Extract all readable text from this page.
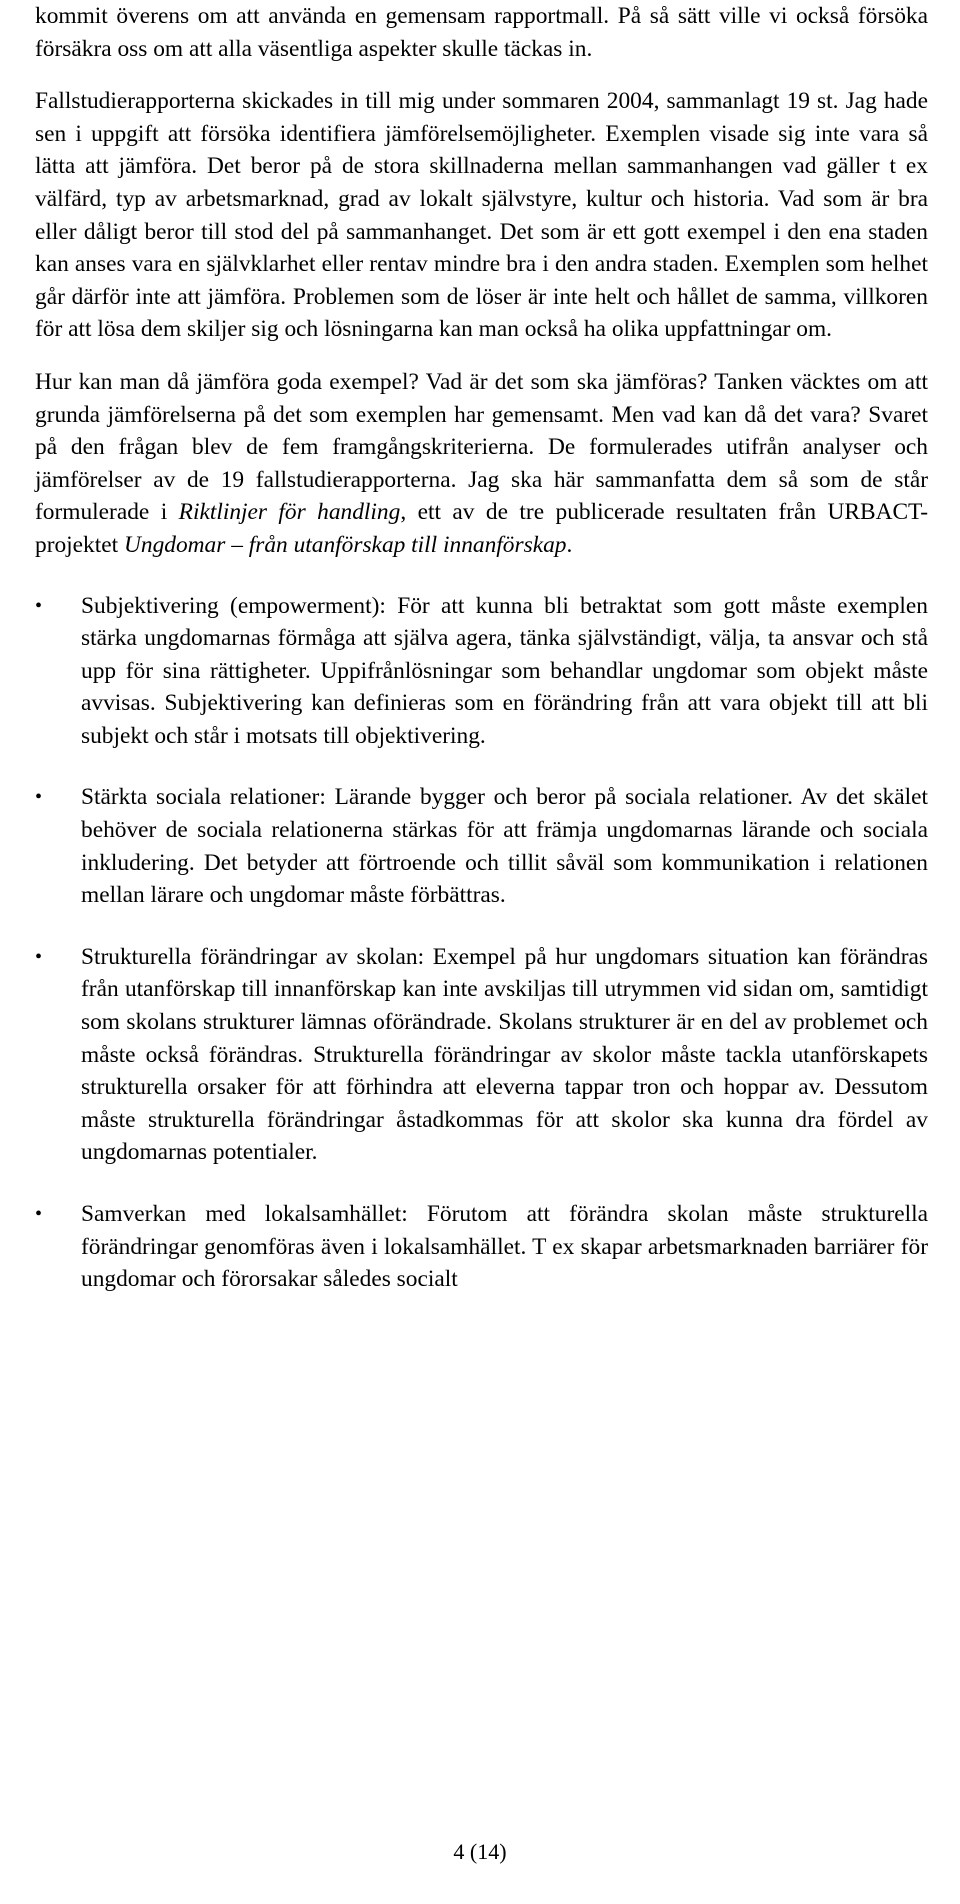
kommit överens om att använda en gemensam rapportmall. På så sätt ville vi också försöka försäkra oss om att alla väsentliga aspekter skulle täckas in.

Fallstudierapporterna skickades in till mig under sommaren 2004, sammanlagt 19 st. Jag hade sen i uppgift att försöka identifiera jämförelsemöjligheter. Exemplen visade sig inte vara så lätta att jämföra. Det beror på de stora skillnaderna mellan sammanhangen vad gäller t ex välfärd, typ av arbetsmarknad, grad av lokalt självstyre, kultur och historia. Vad som är bra eller dåligt beror till stod del på sammanhanget. Det som är ett gott exempel i den ena staden kan anses vara en självklarhet eller rentav mindre bra i den andra staden. Exemplen som helhet går därför inte att jämföra. Problemen som de löser är inte helt och hållet de samma, villkoren för att lösa dem skiljer sig och lösningarna kan man också ha olika uppfattningar om.

Hur kan man då jämföra goda exempel? Vad är det som ska jämföras? Tanken väcktes om att grunda jämförelserna på det som exemplen har gemensamt. Men vad kan då det vara? Svaret på den frågan blev de fem framgångskriterierna. De formulerades utifrån analyser och jämförelser av de 19 fallstudierapporterna. Jag ska här sammanfatta dem så som de står formulerade i Riktlinjer för handling, ett av de tre publicerade resultaten från URBACT-projektet Ungdomar – från utanförskap till innanförskap.

•	Subjektivering (empowerment): För att kunna bli betraktat som gott måste exemplen stärka ungdomarnas förmåga att själva agera, tänka självständigt, välja, ta ansvar och stå upp för sina rättigheter. Uppifrånlösningar som behandlar ungdomar som objekt måste avvisas. Subjektivering kan definieras som en förändring från att vara objekt till att bli subjekt och står i motsats till objektivering.
•	Stärkta sociala relationer: Lärande bygger och beror på sociala relationer. Av det skälet behöver de sociala relationerna stärkas för att främja ungdomarnas lärande och sociala inkludering. Det betyder att förtroende och tillit såväl som kommunikation i relationen mellan lärare och ungdomar måste förbättras.
•	Strukturella förändringar av skolan: Exempel på hur ungdomars situation kan förändras från utanförskap till innanförskap kan inte avskiljas till utrymmen vid sidan om, samtidigt som skolans strukturer lämnas oförändrade. Skolans strukturer är en del av problemet och måste också förändras. Strukturella förändringar av skolor måste tackla utanförskapets strukturella orsaker för att förhindra att eleverna tappar tron och hoppar av. Dessutom måste strukturella förändringar åstadkommas för att skolor ska kunna dra fördel av ungdomarnas potentialer.
•	Samverkan med lokalsamhället: Förutom att förändra skolan måste strukturella förändringar genomföras även i lokalsamhället. T ex skapar arbetsmarknaden barriärer för ungdomar och förorsakar således socialt
4 (14)
